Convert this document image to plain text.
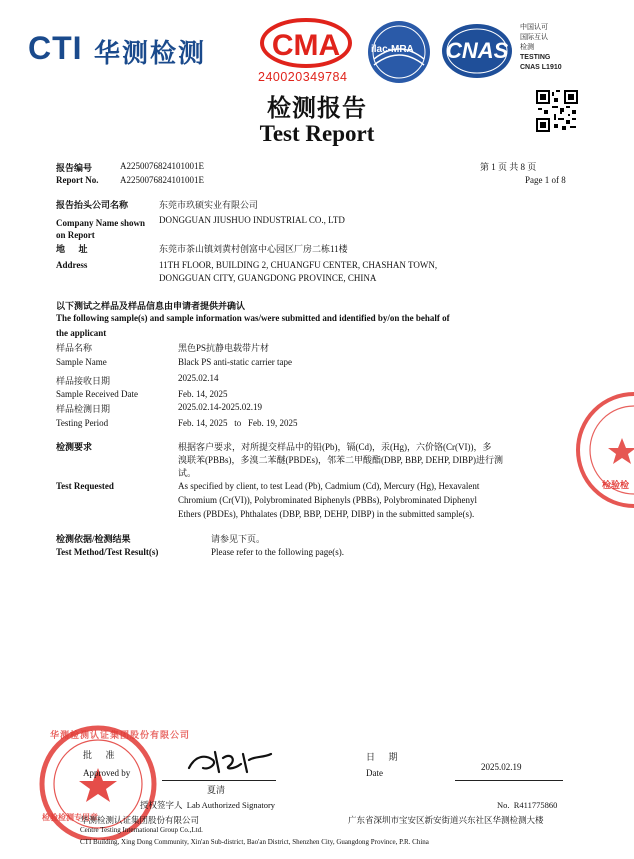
CTI 华测检测 CMA
240020349784
ilac-MRA CNAS
中国认可
国际互认
检测
TESTING
CNAS L1910
检测报告
Test Report
报告编号
Report No.
A2250076824101001E
A2250076824101001E
第 1 页 共 8 页
Page 1 of 8
报告抬头公司名称
Company Name shown on Report
东莞市玖硕实业有限公司
DONGGUAN JIUSHUO INDUSTRIAL CO., LTD
地      址
Address
东莞市茶山镇刘黄村创富中心园区厂房二栋11楼
11TH FLOOR, BUILDING 2, CHUANGFU CENTER, CHASHAN TOWN,
DONGGUAN CITY, GUANGDONG PROVINCE, CHINA
以下测试之样品及样品信息由申请者提供并确认
The following sample(s) and sample information was/were submitted and identified by/on the behalf of
the applicant
样品名称
Sample Name
黑色PS抗静电载带片材
Black PS anti-static carrier tape
样品接收日期
Sample Received Date
2025.02.14
Feb. 14, 2025
样品检测日期
Testing Period
2025.02.14-2025.02.19
Feb. 14, 2025   to   Feb. 19, 2025
检测要求
Test Requested
根据客户要求，对所提交样品中的铅(Pb)，镉(Cd)，汞(Hg)，六价铬(Cr(VI))，多
溴联苯(PBBs)，多溴二苯醚(PBDEs)，邻苯二甲酸酯(DBP, BBP, DEHP, DIBP)进行测
试。
As specified by client, to test Lead (Pb), Cadmium (Cd), Mercury (Hg), Hexavalent
Chromium (Cr(VI)), Polybrominated Biphenyls (PBBs), Polybrominated Diphenyl
Ethers (PBDEs), Phthalates (DBP, BBP, DEHP, DIBP) in the submitted sample(s).
检测依据/检测结果
Test Method/Test Result(s)
请参见下页。
Please refer to the following page(s).
检验检
检验检测专用章
华测检测认证集团股份有限公司
批      准
Approved by
夏清
授权签字人  Lab Authorized Signatory
日      期
Date
2025.02.19
No.  R411775860
广东省深圳市宝安区新安街道兴东社区华测检测大楼
华测检测认证集团股份有限公司
Centre Testing International Group Co.,Ltd.
CTI Building, Xing Dong Community, Xin'an Sub-district, Bao'an District, Shenzhen City, Guangdong Province, P.R. China
